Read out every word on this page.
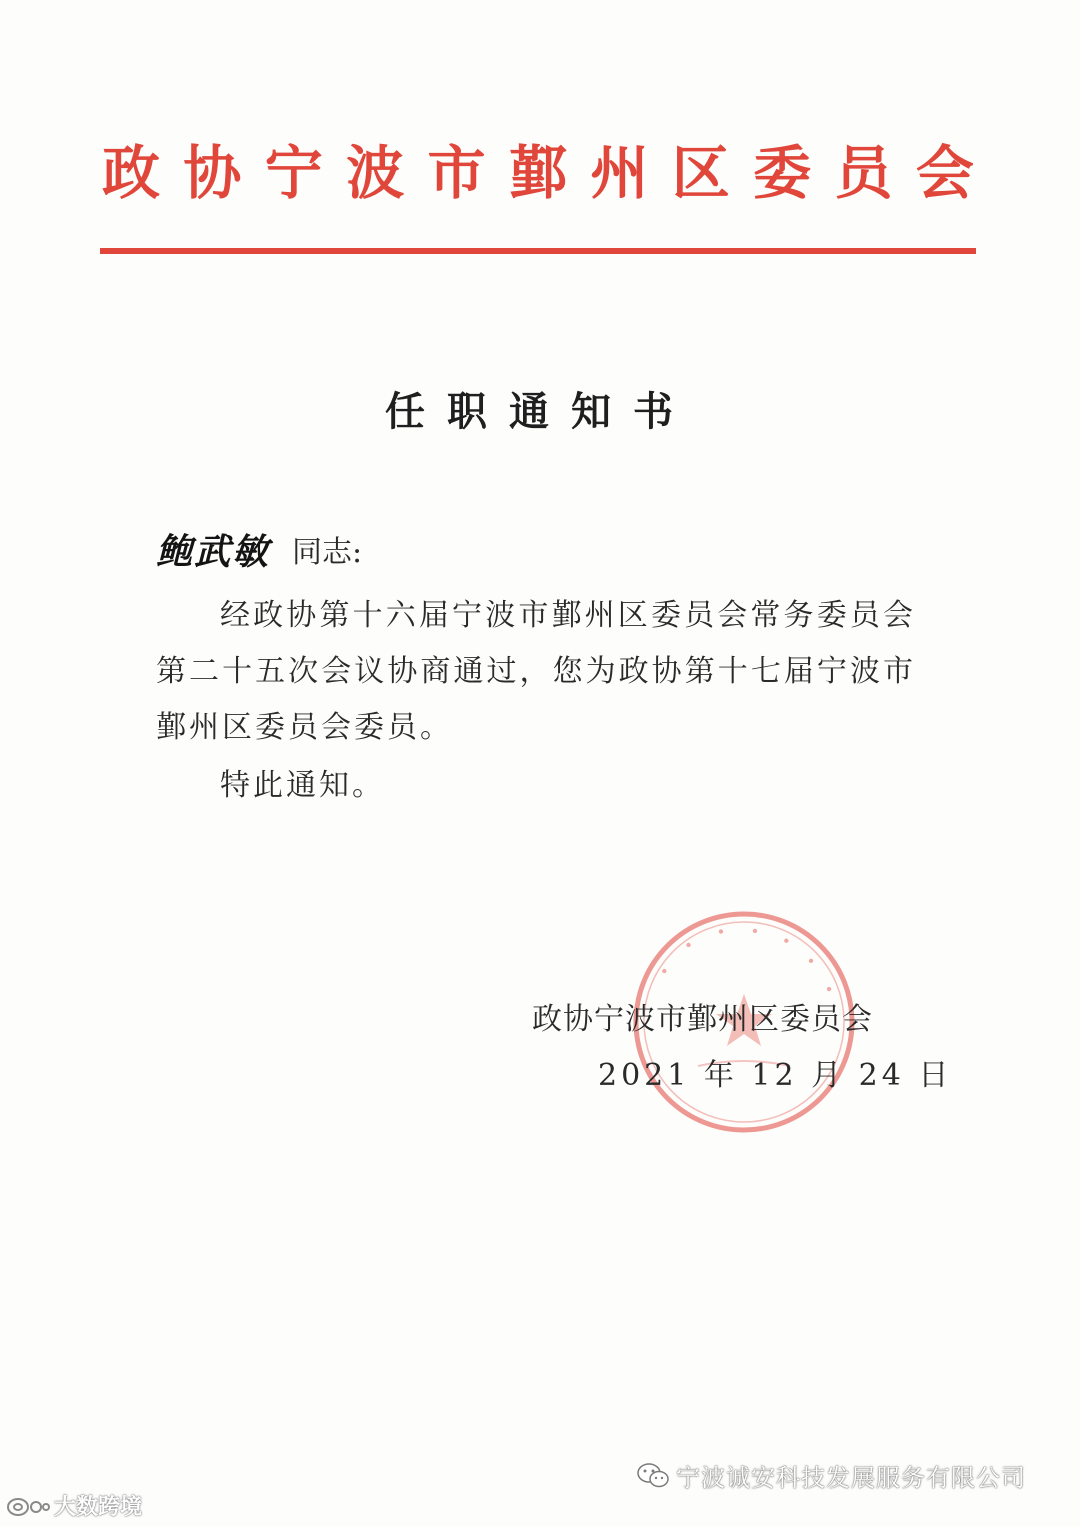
政 协 宁 波 市 鄞 州 区 委 员 会
任职通知书
鲍武敏 同志:
经政协第十六届宁波市鄞州区委员会常务委员会第二十五次会议协商通过，您为政协第十七届宁波市鄞州区委员会委员。
特此通知。
•
•
• • •
•
•
政协宁波市鄞州区委员会
2021 年 12 月 24 日
大数跨境
宁波诚安科技发展服务有限公司
